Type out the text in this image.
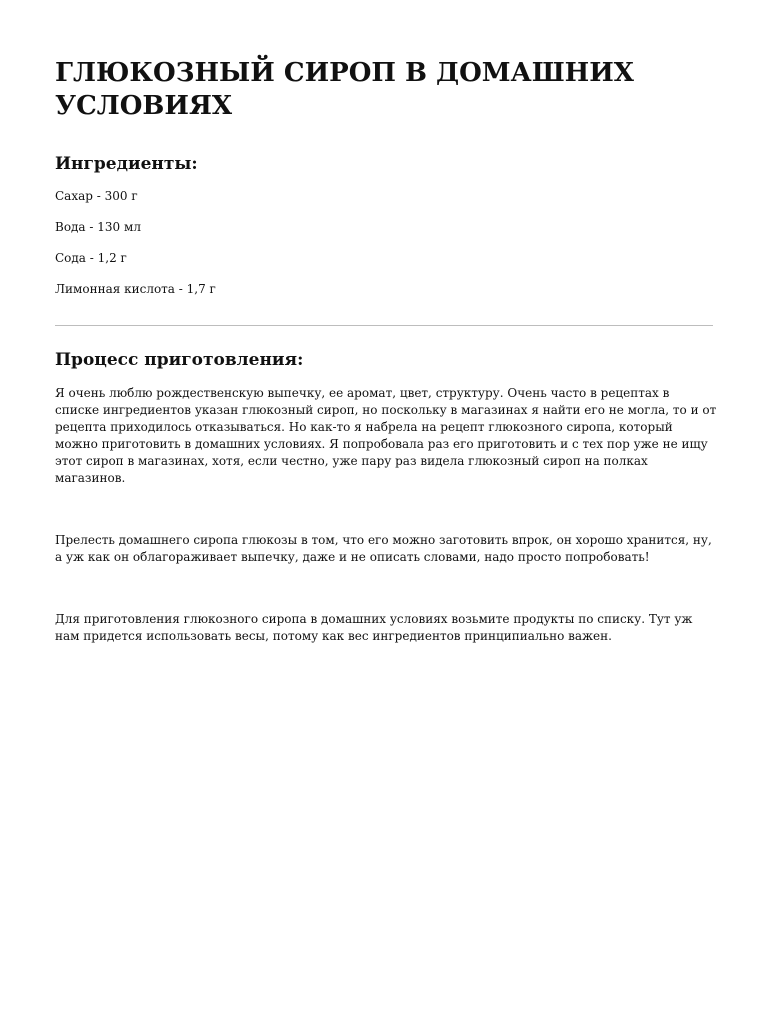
ГЛЮКОЗНЫЙ СИРОП В ДОМАШНИХ УСЛОВИЯХ
Ингредиенты:
Сахар - 300 г
Вода - 130 мл
Сода - 1,2 г
Лимонная кислота - 1,7 г
Процесс приготовления:

Я очень люблю рождественскую выпечку, ее аромат, цвет, структуру. Очень часто в рецептах в списке ингредиентов указан глюкозный сироп, но поскольку в магазинах я найти его не могла, то и от рецепта приходилось отказываться. Но как-то я набрела на рецепт глюкозного сиропа, который можно приготовить в домашних условиях. Я попробовала раз его приготовить и с тех пор уже не ищу этот сироп в магазинах, хотя, если честно, уже пару раз видела глюкозный сироп на полках магазинов.

Прелесть домашнего сиропа глюкозы в том, что его можно заготовить впрок, он хорошо хранится, ну, а уж как он облагораживает выпечку, даже и не описать словами, надо просто попробовать!

Для приготовления глюкозного сиропа в домашних условиях возьмите продукты по списку. Тут уж нам придется использовать весы, потому как вес ингредиентов принципиально важен.
